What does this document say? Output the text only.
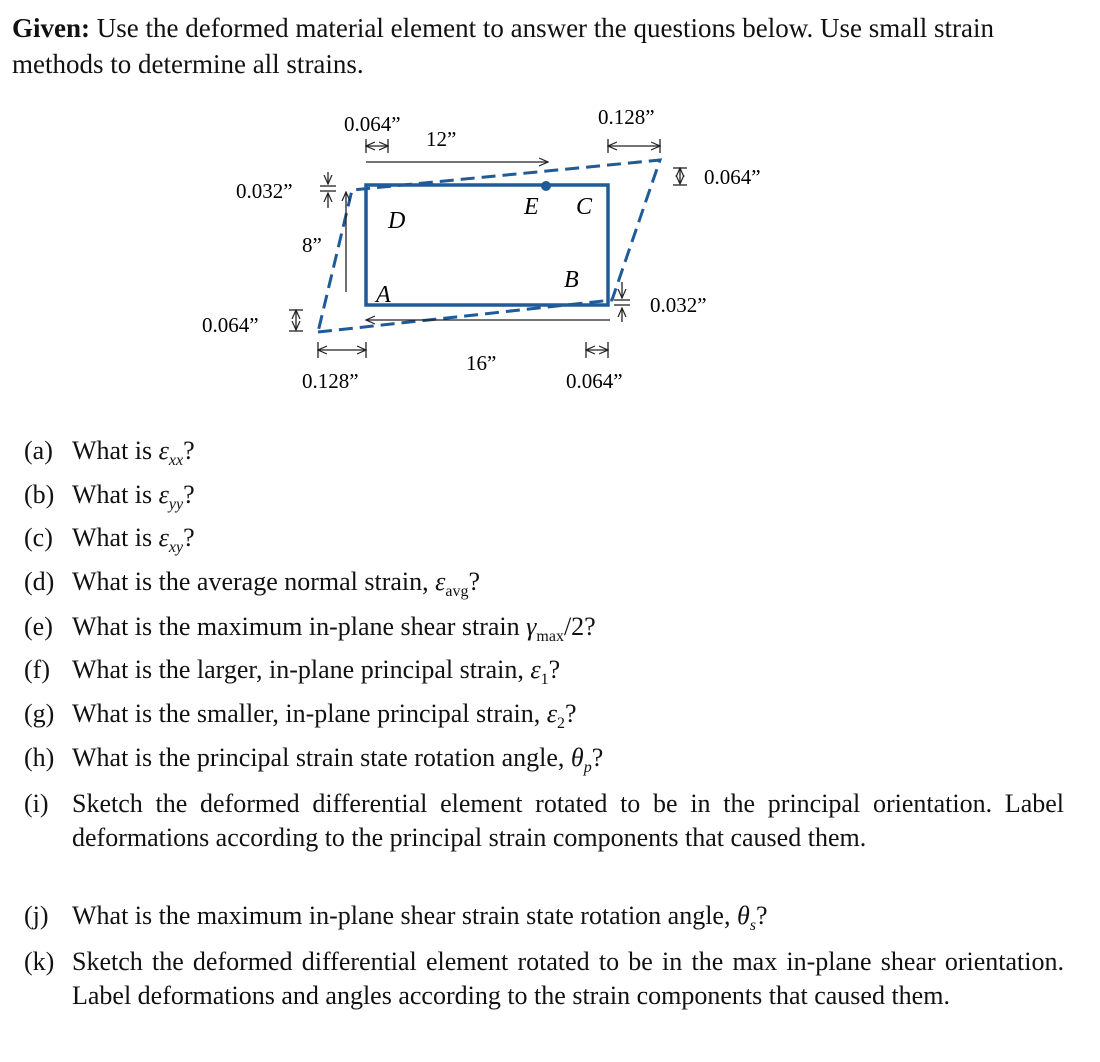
Given: Use the deformed material element to answer the questions below. Use small strain methods to determine all strains.
D
E C
B
A
0.064”
12”
0.128”
0.064”
0.032”
8”
0.032”
0.064”
16”
0.128”	0.064”
(a) What is $\varepsilon_{xx}$?
(b) What is $\varepsilon_{yy}$?
(c) What is $\varepsilon_{xy}$?
(d) What is the average normal strain, $\varepsilon_{avg}$?
(e) What is the maximum in-plane shear strain $\gamma_{max}/2$?
(f) What is the larger, in-plane principal strain, $\varepsilon_1$?
(g) What is the smaller, in-plane principal strain, $\varepsilon_2$?
(h) What is the principal strain state rotation angle, $\theta_p$?
(i) Sketch the deformed differential element rotated to be in the principal orientation. Label deformations according to the principal strain components that caused them.
(j) What is the maximum in-plane shear strain state rotation angle, $\theta_s$?
(k) Sketch the deformed differential element rotated to be in the max in-plane shear orientation. Label deformations and angles according to the strain components that caused them.
